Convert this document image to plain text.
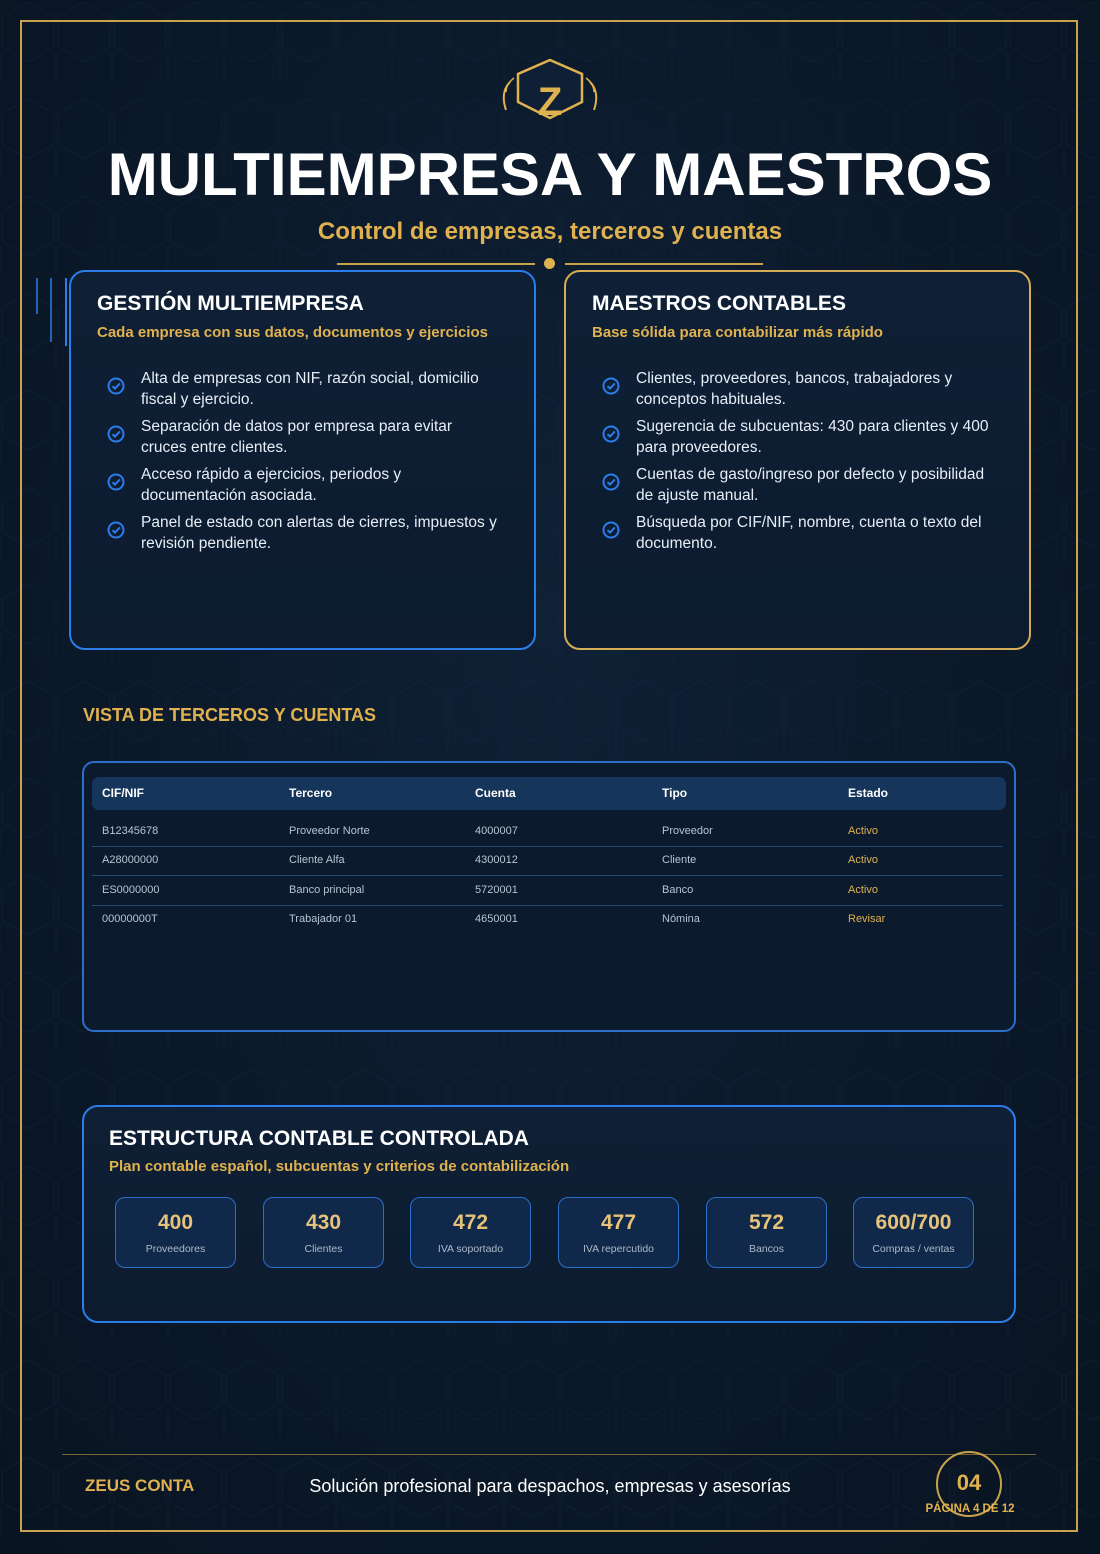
Z
MULTIEMPRESA Y MAESTROS
Control de empresas, terceros y cuentas
GESTIÓN MULTIEMPRESA
Cada empresa con sus datos, documentos y ejercicios
Alta de empresas con NIF, razón social, domicilio fiscal y ejercicio.
Separación de datos por empresa para evitar cruces entre clientes.
Acceso rápido a ejercicios, periodos y documentación asociada.
Panel de estado con alertas de cierres, impuestos y revisión pendiente.
MAESTROS CONTABLES
Base sólida para contabilizar más rápido
Clientes, proveedores, bancos, trabajadores y conceptos habituales.
Sugerencia de subcuentas: 430 para clientes y 400 para proveedores.
Cuentas de gasto/ingreso por defecto y posibilidad de ajuste manual.
Búsqueda por CIF/NIF, nombre, cuenta o texto del documento.
VISTA DE TERCEROS Y CUENTAS
CIF/NIF	Tercero	Cuenta	Tipo	Estado
B12345678	Proveedor Norte	4000007	Proveedor	Activo
A28000000	Cliente Alfa	4300012	Cliente	Activo
ES0000000	Banco principal	5720001	Banco	Activo
00000000T	Trabajador 01	4650001	Nómina	Revisar
ESTRUCTURA CONTABLE CONTROLADA
Plan contable español, subcuentas y criterios de contabilización
400
Proveedores
430
Clientes
472
IVA soportado
477
IVA repercutido
572
Bancos
600/700
Compras / ventas
ZEUS CONTA	Solución profesional para despachos, empresas y asesorías	04
PÁGINA 4 DE 12
